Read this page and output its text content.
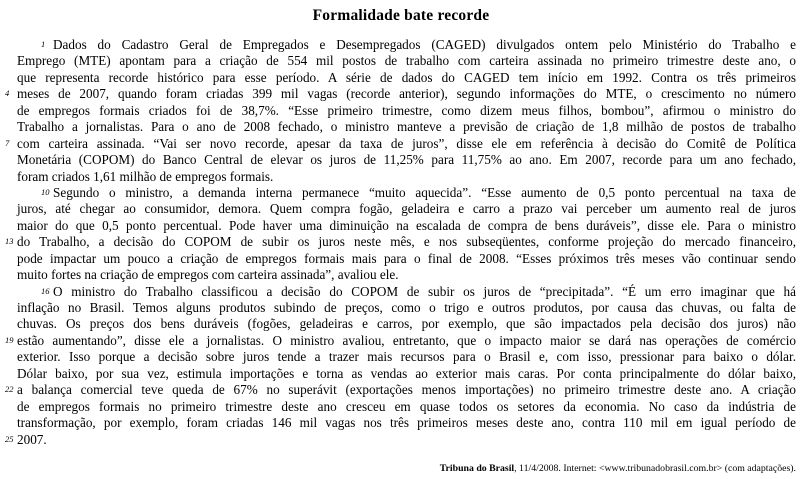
Formalidade bate recorde
1 Dados do Cadastro Geral de Empregados e Desempregados (CAGED) divulgados ontem pelo Ministério do Trabalho e
Emprego (MTE) apontam para a criação de 554 mil postos de trabalho com carteira assinada no primeiro trimestre deste ano, o
que representa recorde histórico para esse período. A série de dados do CAGED tem início em 1992. Contra os três primeiros
4 meses de 2007, quando foram criadas 399 mil vagas (recorde anterior), segundo informações do MTE, o crescimento no número
de empregos formais criados foi de 38,7%. “Esse primeiro trimestre, como dizem meus filhos, bombou”, afirmou o ministro do
Trabalho a jornalistas. Para o ano de 2008 fechado, o ministro manteve a previsão de criação de 1,8 milhão de postos de trabalho
7 com carteira assinada. “Vai ser novo recorde, apesar da taxa de juros”, disse ele em referência à decisão do Comitê de Política
Monetária (COPOM) do Banco Central de elevar os juros de 11,25% para 11,75% ao ano. Em 2007, recorde para um ano fechado,
foram criados 1,61 milhão de empregos formais.
10 Segundo o ministro, a demanda interna permanece “muito aquecida”. “Esse aumento de 0,5 ponto percentual na taxa de
juros, até chegar ao consumidor, demora. Quem compra fogão, geladeira e carro a prazo vai perceber um aumento real de juros
maior do que 0,5 ponto percentual. Pode haver uma diminuição na escalada de compra de bens duráveis”, disse ele. Para o ministro
13 do Trabalho, a decisão do COPOM de subir os juros neste mês, e nos subseqüentes, conforme projeção do mercado financeiro,
pode impactar um pouco a criação de empregos formais mais para o final de 2008. “Esses próximos três meses vão continuar sendo
muito fortes na criação de empregos com carteira assinada”, avaliou ele.
16 O ministro do Trabalho classificou a decisão do COPOM de subir os juros de “precipitada”. “É um erro imaginar que há
inflação no Brasil. Temos alguns produtos subindo de preços, como o trigo e outros produtos, por causa das chuvas, ou falta de
chuvas. Os preços dos bens duráveis (fogões, geladeiras e carros, por exemplo, que são impactados pela decisão dos juros) não
19 estão aumentando”, disse ele a jornalistas. O ministro avaliou, entretanto, que o impacto maior se dará nas operações de comércio
exterior. Isso porque a decisão sobre juros tende a trazer mais recursos para o Brasil e, com isso, pressionar para baixo o dólar.
Dólar baixo, por sua vez, estimula importações e torna as vendas ao exterior mais caras. Por conta principalmente do dólar baixo,
22 a balança comercial teve queda de 67% no superávit (exportações menos importações) no primeiro trimestre deste ano. A criação
de empregos formais no primeiro trimestre deste ano cresceu em quase todos os setores da economia. No caso da indústria de
transformação, por exemplo, foram criadas 146 mil vagas nos três primeiros meses deste ano, contra 110 mil em igual período de
25 2007.
Tribuna do Brasil, 11/4/2008. Internet: <www.tribunadobrasil.com.br> (com adaptações).
